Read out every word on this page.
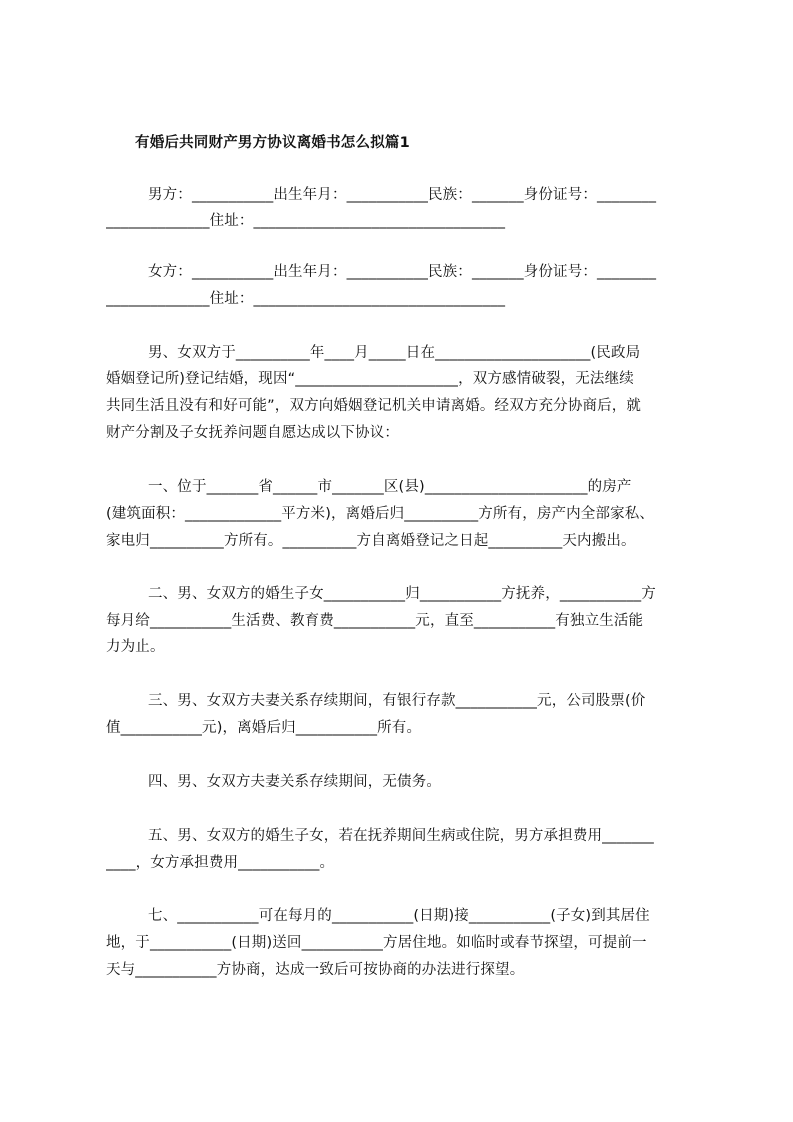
有婚后共同财产男方协议离婚书怎么拟篇1
男方：___________出生年月：___________民族：_______身份证号：________
______________住址：__________________________________
女方：___________出生年月：___________民族：_______身份证号：________
______________住址：__________________________________
男、女双方于__________年____月_____日在_____________________(民政局
婚姻登记所)登记结婚，现因“______________________，双方感情破裂，无法继续
共同生活且没有和好可能”，双方向婚姻登记机关申请离婚。经双方充分协商后，就
财产分割及子女抚养问题自愿达成以下协议：
一、位于_______省______市_______区(县)______________________的房产
(建筑面积：_____________平方米)，离婚后归__________方所有，房产内全部家私、
家电归__________方所有。__________方自离婚登记之日起__________天内搬出。
二、男、女双方的婚生子女___________归___________方抚养，___________方
每月给___________生活费、教育费___________元，直至___________有独立生活能
力为止。
三、男、女双方夫妻关系存续期间，有银行存款___________元，公司股票(价
值___________元)，离婚后归___________所有。
四、男、女双方夫妻关系存续期间，无债务。
五、男、女双方的婚生子女，若在抚养期间生病或住院，男方承担费用_______
____，女方承担费用___________。
七、___________可在每月的___________(日期)接___________(子女)到其居住
地，于___________(日期)送回___________方居住地。如临时或春节探望，可提前一
天与___________方协商，达成一致后可按协商的办法进行探望。
